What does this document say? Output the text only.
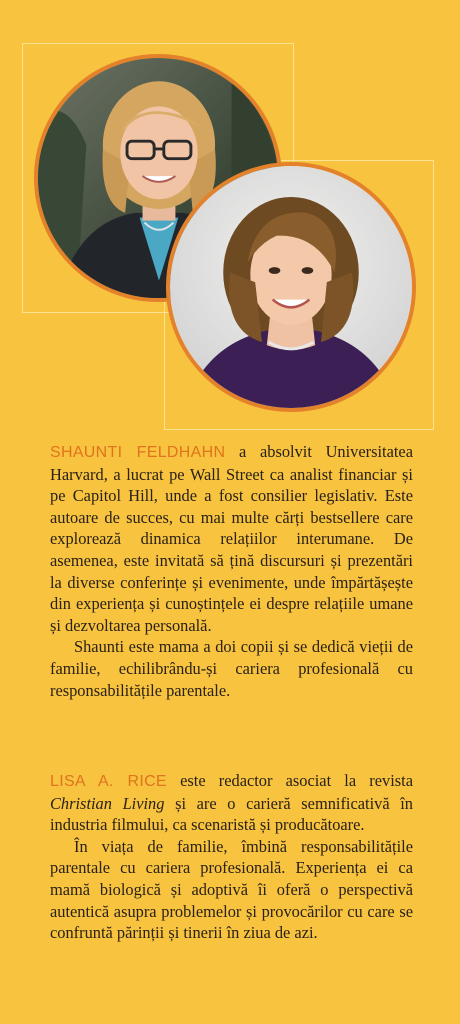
SHAUNTI FELDHAHN a absolvit Universitatea Harvard, a lucrat pe Wall Street ca analist financiar și pe Capitol Hill, unde a fost consilier legislativ. Este autoare de succes, cu mai multe cărți bestsellere care explorează dinamica relațiilor interumane. De asemenea, este invitată să țină discursuri și prezentări la diverse conferințe și evenimente, unde împărtășește din experiența și cunoștințele ei despre relațiile umane și dezvoltarea personală.

Shaunti este mama a doi copii și se dedică vieții de familie, echilibrându-și cariera profesională cu responsabilitățile parentale.

LISA A. RICE este redactor asociat la revista Christian Living și are o carieră semnificativă în industria filmului, ca scenaristă și producătoare.

În viața de familie, îmbină responsabilitățile parentale cu cariera profesională. Experiența ei ca mamă biologică și adoptivă îi oferă o perspectivă autentică asupra problemelor și provocărilor cu care se confruntă părinții și tinerii în ziua de azi.
